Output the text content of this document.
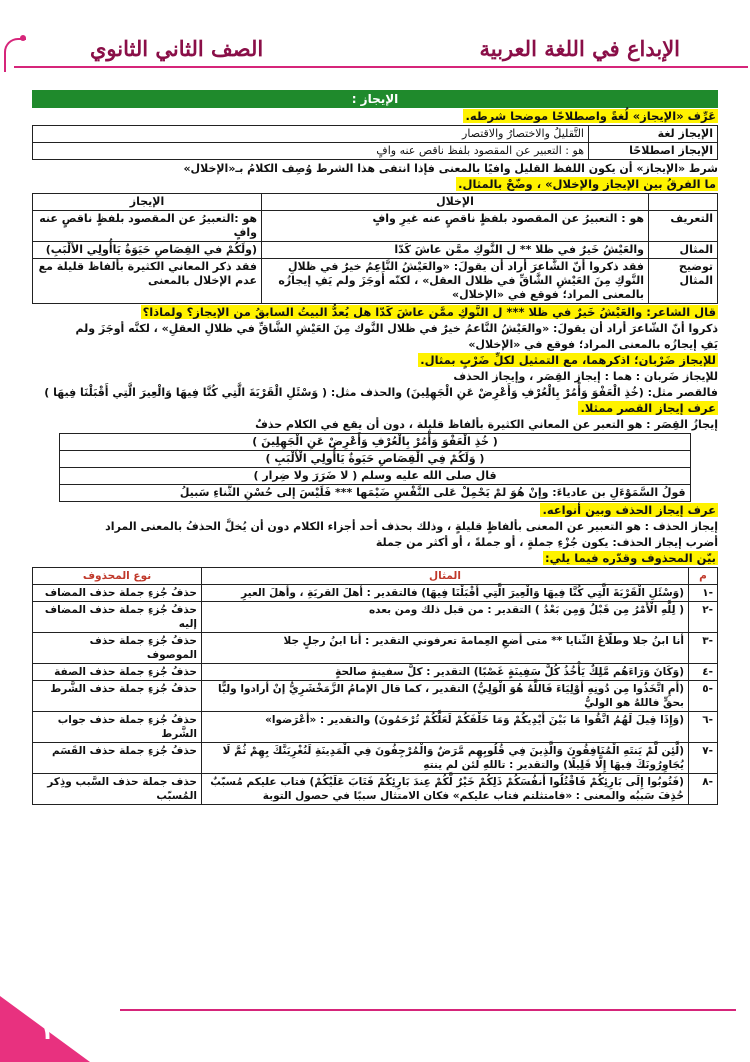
الإبداع في اللغة العربية
الصف الثاني الثانوي
الإيجاز :
عَرِّف «الإيجاز» لُغةً واصطلاحًا موضحا شرطه.
الإيجاز لغة	التَّقليلُ والاختصارُ والاقتصار
الإيجاز اصطلاحًا	هو : التعبير عن المقصود بلفظ ناقص عنه وافٍ
شرط «الإيجاز» أن يكون اللفظ القليل وافيًا بالمعنى فإذا انتفى هذا الشرط وُصِف الكلامُ بـ«الإخلال»
ما الفرقُ بين الإيجاز والإخلال» ، وضّحْ بالمثال.
	الإخلال	الإيجاز
التعريف	هو : التعبيرُ عن المقصود بلفظٍ ناقصٍ عنه غيرِ وافٍ	هو :التعبيرُ عن المقصود بلفظٍ ناقصٍ عنه وافٍ
المثال	والعَيْشُ خَيرٌ في ظلا ** ل النَّوكِ ممَّن عاشَ كَدّا	(ولَكُمْ في القِصَاصِ حَيَوَةٌ يَاأُولِي الألْبَبِ)
توضيح المثال	فقد ذكروا أنّ الشَّاعرَ أراد أن يقولَ: «والعَيْشُ النَّاعِمُ خيرٌ في ظلالِ النَّوكِ مِنَ العَيْشِ الشَّاقِّ في ظلال العقل» ، لكنّه أَوجَزَ ولم يَفِ إيجازُه بالمعنى المراد؛ فوقع في «الإخلال»	فقد ذكر المعاني الكثيرة بألفاظ قليلة مع عدم الإخلال بالمعنى
قال الشاعر: والعَيْشُ خَيرٌ في ظلا *** ل النَّوكِ ممَّن عاشَ كَدّا هل يُعدُّ البيتُ السابقُ من الإيجاز؟ ولماذا؟
ذكروا أنّ الشّاعرَ أراد أن يقولَ: «والعَيْشُ النَّاعمُ خيرٌ في ظلال النَّوك مِنَ العَيْشِ الشَّاقِّ في ظلالِ العقلِ» ، لكنَّه أوجَزَ ولم
يَفِ إيجازُه بالمعنى المراد؛ فوقع في «الإخلال»
للإيجاز ضَرْبان؛ اذكرهما، مع التمثيل لكلِّ ضَرْبٍ بمثال.
للإيجاز ضَربان : هما : إيجاز القِصَر ، وإيجاز الحذف
فالقصر مثل: (خُذِ الْعَفْوَ وَأْمُرْ بِالْعُرْفِ وَأَعْرِضْ عَنِ الْجَهِلِينَ) والحذف مثل: ( وَسْئَلِ الْقَرْيَةَ الَّتِي كُنَّا فِيهَا وَالْعِيرَ الَّتِي أَقْبَلْنَا فِيهَا )
عرف إيجاز القصر ممثلا.
إيجازُ القِصَر : هو التعبر عن المعاني الكثيرة بألفاظ قليلة ، دون أن يقع في الكلام حذفٌ
( خُذِ الْعَفْوَ وَأْمُرْ بِالْعُرْفِ وَأَعْرِضْ عَنِ الْجَهِلِينَ )
( وَلَكُمْ فِي الْقِصَاصِ حَيَوةٌ يَاأُولِي الْأَلْبَبِ )
قال صلى الله عليه وسلم ( لا ضَرَرَ ولا ضِرار )
قولُ السَّمَوْءَلِ بن عادياءَ: وإنْ هُوَ لمْ يَحْمِلْ عَلى النَّفْسِ ضَيْمَها *** فَلَيْسَ إلى حُسْنِ الثَّناءِ سَبيلُ
عرف إيجاز الحذف وبين أنواعه.
إيجاز الحذف : هو التعبير عن المعنى بألفاظٍ قليلةٍ ، وذلك بحذف أحد أجزاء الكلام دون أن يُخلَّ الحذفُ بالمعنى المراد
أضرب إيجاز الحذف: يكون جُزْءِ جملةٍ ، أو جملةً ، أو أكثر من جملة
بيّن المحذوف وقدّره فيما يلي:
م	المثال	نوع المحذوف
-١	(وَسْئَلِ الْقَرْيَةَ الَّتِي كُنَّا فِيهَا وَالْعِيرَ الَّتِي أَقْبَلْنَا فِيهَا) فالتقدير : أهلَ القريَةِ ، وأهلَ العيرِ	حذفُ جُزءِ جملة حذف المضاف
-٢	( لِلَّهِ الْأَمْرُ مِن قَبْلُ وَمِن بَعْدُ ) التقدير : من قبل ذلك ومن بعده	حذفُ جُزءِ جملة حذف المضاف إليه
-٣	أنا ابنُ جلا وطلّاعُ الثّنايا ** متى أضعِ العِمامةَ تعرفوني التقدير : أنا ابنُ رجلٍ جلا	حذفُ جُزءِ جملة حذف الموصوف
-٤	(وَكَانَ وَرَاءَهُم مَّلِكٌ يَأْخُذُ كُلَّ سَفِينَةٍ غَصْبًا) التقدير : كلَّ سفينةٍ صالحةٍ	حذفُ جُزءِ جملة حذف الصفة
-٥	(أَمِ اتَّخَذُوا مِن دُونِهِ أَوْلِيَاءَ فَاللَّهُ هُوَ الْوَلِيُّ) التقدير ، كما قال الإمامُ الزَّمَخْشَرِيُّ إنْ أرادوا وليًّا بحقٍّ فاللهُ هو الوليُّ	حذفُ جُزءِ جملة حذف الشَّرط
-٦	(وَإِذَا قِيلَ لَهُمُ اتَّقُوا مَا بَيْنَ أَيْدِيكُمْ وَمَا خَلْفَكُمْ لَعَلَّكُمْ تُرْحَمُونَ) والتقدير : «أعْرَضوا»	حذفُ جُزءِ جملة حذف جواب الشَّرط
-٧	(لَّئِن لَّمْ يَنتَهِ الْمُنَافِقُونَ وَالَّذِينَ فِي قُلُوبِهِم مَّرَضٌ وَالْمُرْجِفُونَ فِي الْمَدِينَةِ لَنُغْرِيَنَّكَ بِهِمْ ثُمَّ لَا يُجَاوِرُونَكَ فِيهَا إِلَّا قَلِيلًا) والتقدير : تاللهِ لئن لم ينتهِ	حذفُ جُزءِ جملة حذف القَسَم
-٨	(فَتُوبُوا إِلَى بَارِئِكُمْ فَاقْتُلُوا أَنفُسَكُمْ ذَلِكُمْ خَيْرٌ لَّكُمْ عِندَ بَارِئِكُمْ فَتَابَ عَلَيْكُمْ) فتاب عليكم مُسبّبٌ حُذِفَ سَببُه والمعنى : «فامتثلتم فتاب عليكم» فكان الامتثال سببًا في حصول التوبة	حذف جملة حذف السَّبب وذِكر المُسبّب
١
